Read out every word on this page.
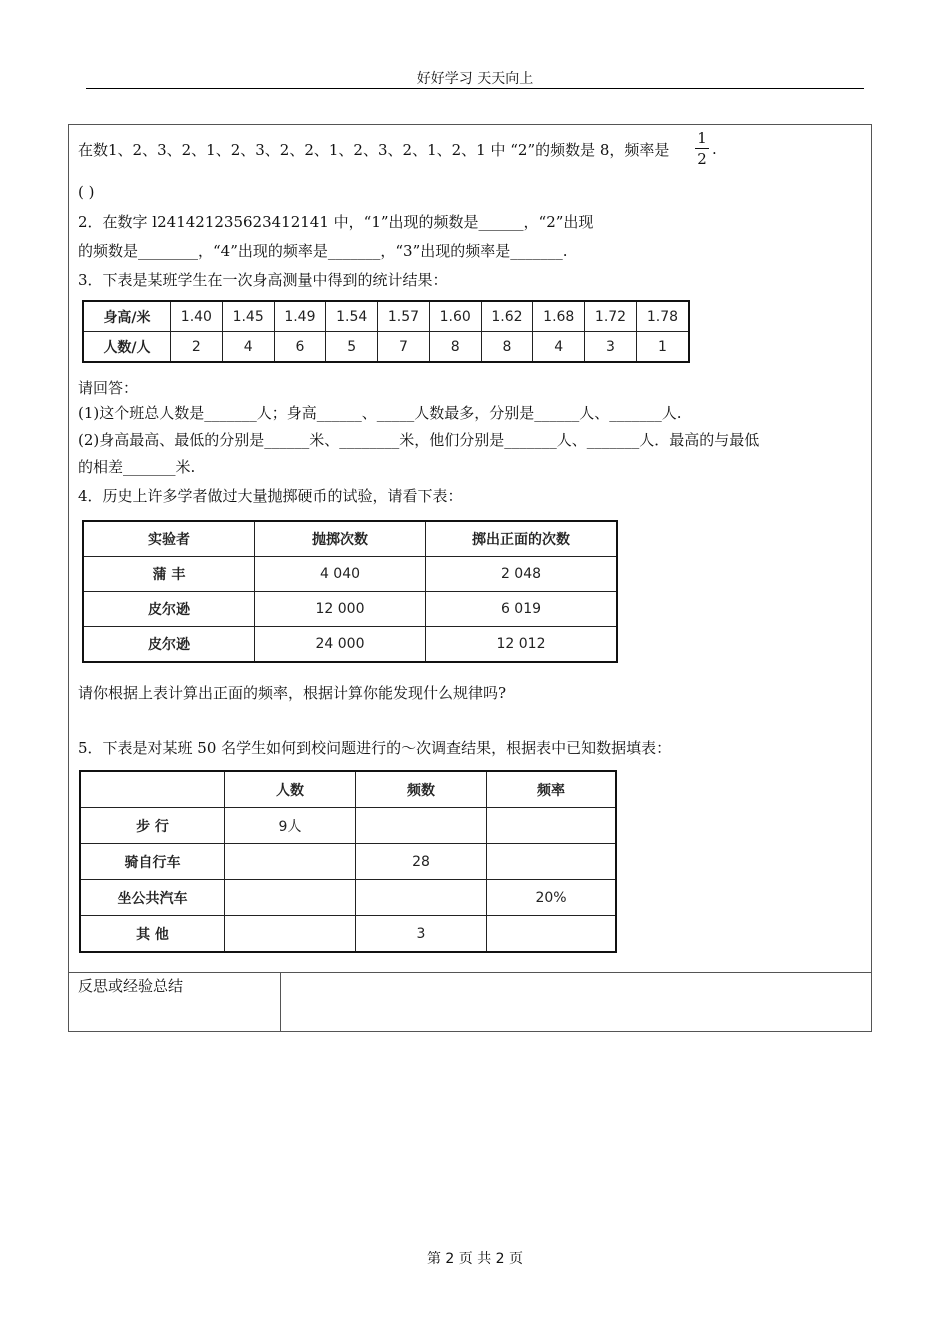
好好学习 天天向上
在数1、2、3、2、1、2、3、2、2、1、2、3、2、1、2、1 中 “2”的频数是 8，频率是
1
2
.
( )
2．在数字 l241421235623412141 中，“1”出现的频数是______，“2”出现
的频数是________，“4”出现的频率是_______，“3”出现的频率是_______.
3．下表是某班学生在一次身高测量中得到的统计结果：
身高/米	1.40	1.45	1.49	1.54	1.57	1.60	1.62	1.68	1.72	1.78
人数/人	2	4	6	5	7	8	8	4	3	1
请回答：
(1)这个班总人数是_______人；身高______、_____人数最多，分别是______人、_______人.
(2)身高最高、最低的分别是______米、________米，他们分别是_______人、_______人．最高的与最低
的相差_______米.
4．历史上许多学者做过大量抛掷硬币的试验，请看下表：
实验者	抛掷次数	掷出正面的次数
蒲 丰	4 040	2 048
皮尔逊	12 000	6 019
皮尔逊	24 000	12 012
请你根据上表计算出正面的频率，根据计算你能发现什么规律吗?
5．下表是对某班 50 名学生如何到校问题进行的～次调查结果，根据表中已知数据填表：
	人数	频数	频率
步 行	9人		
骑自行车		28	
坐公共汽车			20%
其 他		3	
反思或经验总结
第 2 页 共 2 页
